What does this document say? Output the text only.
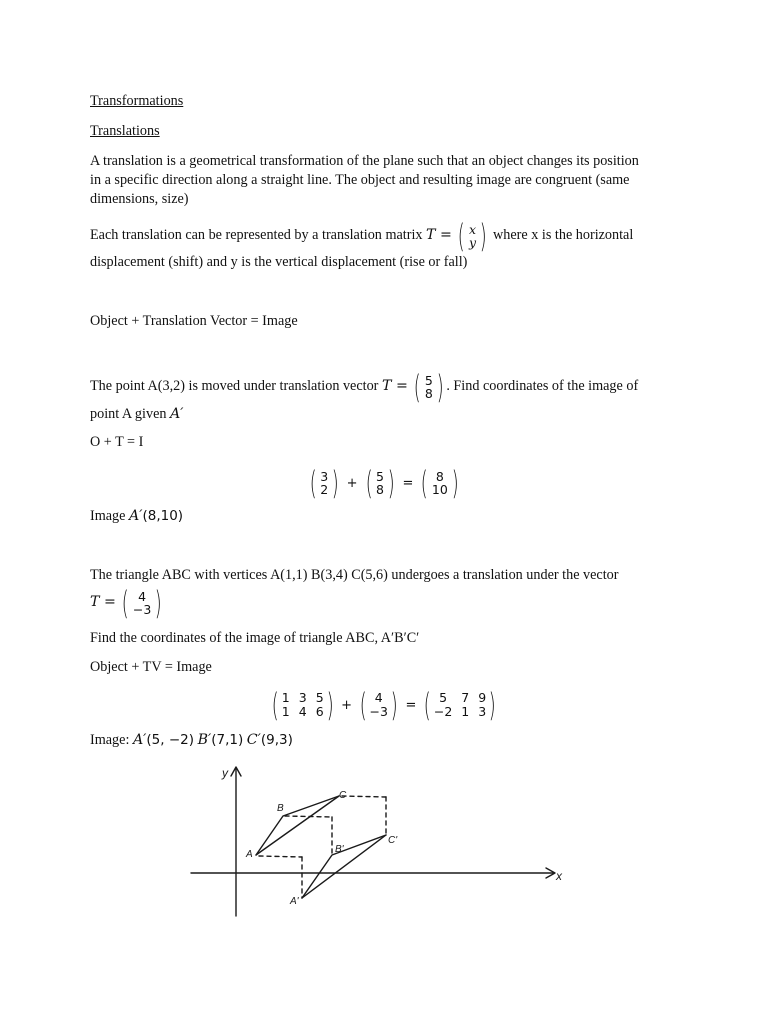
Transformations
Translations
A translation is a geometrical transformation of the plane such that an object changes its position
in a specific direction along a straight line. The object and resulting image are congruent (same
dimensions, size)
Each translation can be represented by a translation matrix T = ( x
y ) where x is the horizontal
displacement (shift) and y is the vertical displacement (rise or fall)
Object + Translation Vector = Image
The point A(3,2) is moved under translation vector T = ( 5
8 ) . Find coordinates of the image of
point A given A′
O + T = I
( 3
2 ) + ( 5
8 ) = ( 8
10 )
Image A′(8,10)
The triangle ABC with vertices A(1,1) B(3,4) C(5,6) undergoes a translation under the vector
T = ( 4
−3 )
Find the coordinates of the image of triangle ABC, A′B′C′
Object + TV = Image
( 1 3 5
1 4 6 ) + ( 4
−3 ) = ( 5	7 9
−2 1 3 )
Image: A′(5, −2) B′(7,1) C′(9,3)
y
x
A
B
C
A'
B'
C'
